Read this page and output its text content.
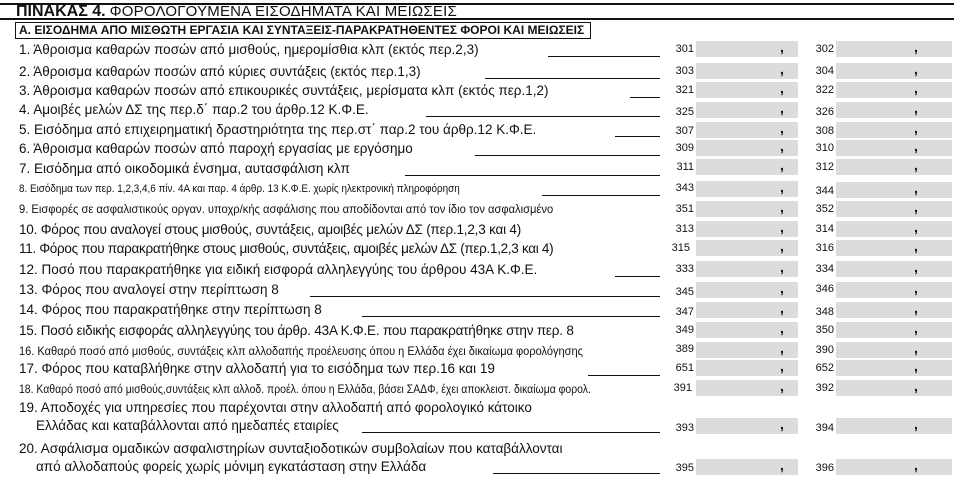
ΠΙΝΑΚΑΣ 4. ΦΟΡΟΛΟΓΟΥΜΕΝΑ ΕΙΣΟΔΗΜΑΤΑ ΚΑΙ ΜΕΙΩΣΕΙΣ
Α. ΕΙΣΟΔΗΜΑ ΑΠΟ ΜΙΣΘΩΤΗ ΕΡΓΑΣΙΑ ΚΑΙ ΣΥΝΤΑΞΕΙΣ-ΠΑΡΑΚΡΑΤΗΘΕΝΤΕΣ ΦΟΡΟΙ ΚΑΙ ΜΕΙΩΣΕΙΣ
1. Άθροισμα καθαρών ποσών από μισθούς, ημερομίσθια κλπ (εκτός περ.2,3)	301	,	302	,
2. Άθροισμα καθαρών ποσών από κύριες συντάξεις (εκτός περ.1,3)	303	,	304	,
3. Άθροισμα καθαρών ποσών από επικουρικές συντάξεις, μερίσματα κλπ (εκτός περ.1,2)	321	,	322	,
4. Αμοιβές μελών ΔΣ της περ.δ΄ παρ.2 του άρθρ.12 Κ.Φ.Ε.	325	,	326	,
5. Εισόδημα από επιχειρηματική δραστηριότητα της περ.στ΄ παρ.2 του άρθρ.12 Κ.Φ.Ε.	307	,	308	,
6. Άθροισμα καθαρών ποσών από παροχή εργασίας με εργόσημο	309	,	310	,
7. Εισόδημα από οικοδομικά ένσημα, αυτασφάλιση κλπ	311	,	312	,
8. Εισόδημα των περ. 1,2,3,4,6 πίν. 4Α και παρ. 4 άρθρ. 13 Κ.Φ.Ε. χωρίς ηλεκτρονική πληροφόρηση	343	,	344	,
9. Εισφορές σε ασφαλιστικούς οργαν. υποχρ/κής ασφάλισης που αποδίδονται από τον ίδιο τον ασφαλισμένο	351	,	352	,
10. Φόρος που αναλογεί στους μισθούς, συντάξεις, αμοιβές μελών ΔΣ (περ.1,2,3 και 4)	313	,	314	,
11. Φόρος που παρακρατήθηκε στους μισθούς, συντάξεις, αμοιβές μελών ΔΣ (περ.1,2,3 και 4)	315	,	316	,
12. Ποσό που παρακρατήθηκε για ειδική εισφορά αλληλεγγύης του άρθρου 43Α Κ.Φ.Ε.	333	,	334	,
13. Φόρος που αναλογεί στην περίπτωση 8	345	,	346	,
14. Φόρος που παρακρατήθηκε στην περίπτωση 8	347	,	348	,
15. Ποσό ειδικής εισφοράς αλληλεγγύης του άρθρ. 43Α Κ.Φ.Ε. που παρακρατήθηκε στην περ. 8	349	,	350	,
16. Καθαρό ποσό από μισθούς, συντάξεις κλπ αλλοδαπής προέλευσης όπου η Ελλάδα έχει δικαίωμα φορολόγησης	389	,	390	,
17. Φόρος που καταβλήθηκε στην αλλοδαπή για το εισόδημα των περ.16 και 19	651	,	652	,
18. Καθαρό ποσό από μισθούς,συντάξεις κλπ αλλοδ. προέλ. όπου η Ελλάδα, βάσει ΣΑΔΦ, έχει αποκλειστ. δικαίωμα φορολ.	391	,	392	,
19. Αποδοχές για υπηρεσίες που παρέχονται στην αλλοδαπή από φορολογικό κάτοικο
Ελλάδας και καταβάλλονται από ημεδαπές εταιρίες	393	,	394	,
20. Ασφάλισμα ομαδικών ασφαλιστηρίων συνταξιοδοτικών συμβολαίων που καταβάλλονται
από αλλοδαπούς φορείς χωρίς μόνιμη εγκατάσταση στην Ελλάδα	395	,	396	,
